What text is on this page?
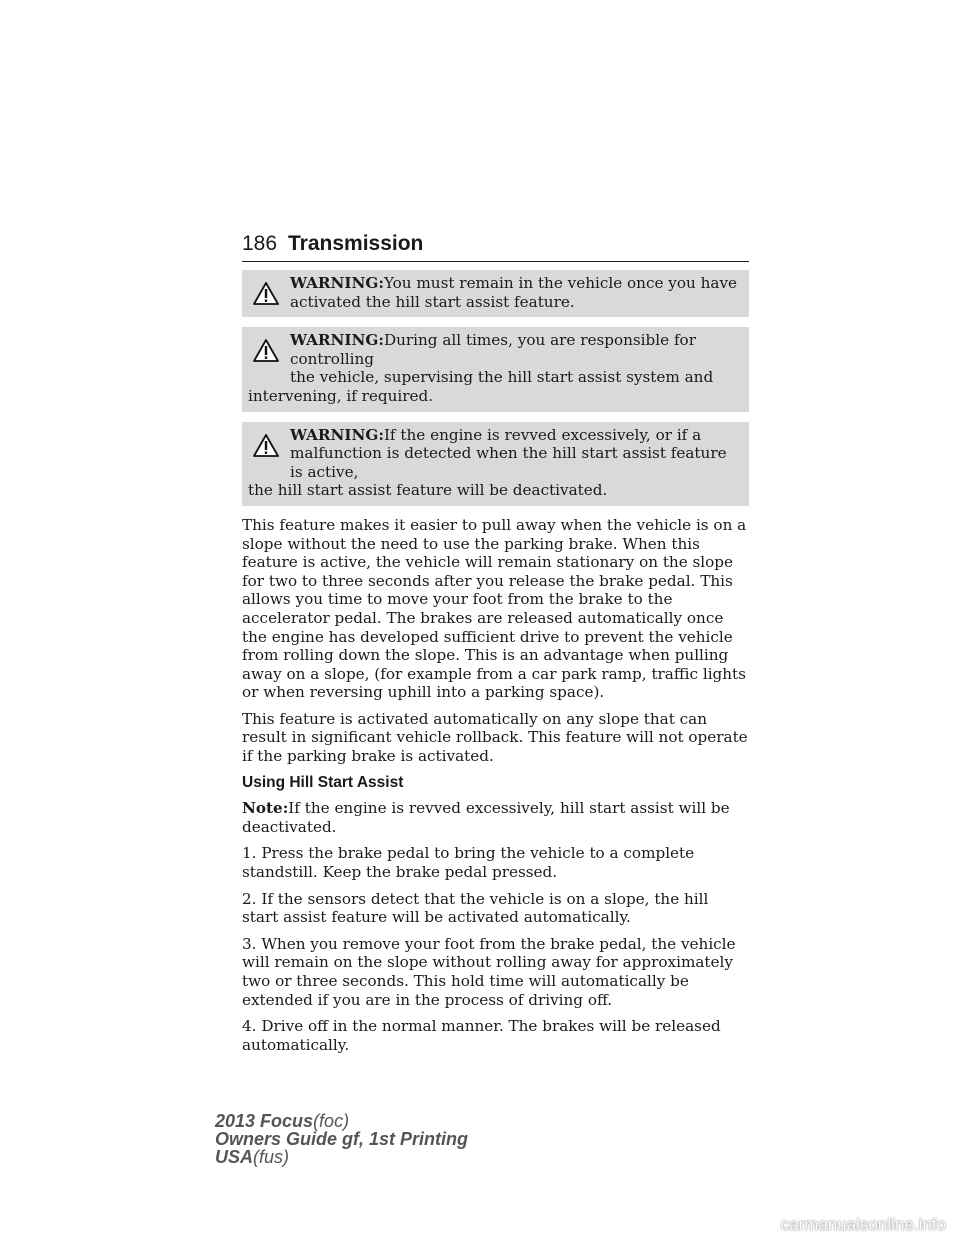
186 Transmission
WARNING:You must remain in the vehicle once you have
activated the hill start assist feature.
WARNING:During all times, you are responsible for controlling
the vehicle, supervising the hill start assist system and
intervening, if required.
WARNING:If the engine is revved excessively, or if a
malfunction is detected when the hill start assist feature is active,
the hill start assist feature will be deactivated.

This feature makes it easier to pull away when the vehicle is on a slope without the need to use the parking brake. When this feature is active, the vehicle will remain stationary on the slope for two to three seconds after you release the brake pedal. This allows you time to move your foot from the brake to the accelerator pedal. The brakes are released automatically once the engine has developed sufficient drive to prevent the vehicle from rolling down the slope. This is an advantage when pulling away on a slope, (for example from a car park ramp, traffic lights or when reversing uphill into a parking space).

This feature is activated automatically on any slope that can result in significant vehicle rollback. This feature will not operate if the parking brake is activated.

Using Hill Start Assist

Note:If the engine is revved excessively, hill start assist will be deactivated.

1. Press the brake pedal to bring the vehicle to a complete standstill. Keep the brake pedal pressed.

2. If the sensors detect that the vehicle is on a slope, the hill start assist feature will be activated automatically.

3. When you remove your foot from the brake pedal, the vehicle will remain on the slope without rolling away for approximately two or three seconds. This hold time will automatically be extended if you are in the process of driving off.

4. Drive off in the normal manner. The brakes will be released automatically.

2013 Focus(foc)
Owners Guide gf, 1st Printing
USA(fus)
carmanualsonline.info
